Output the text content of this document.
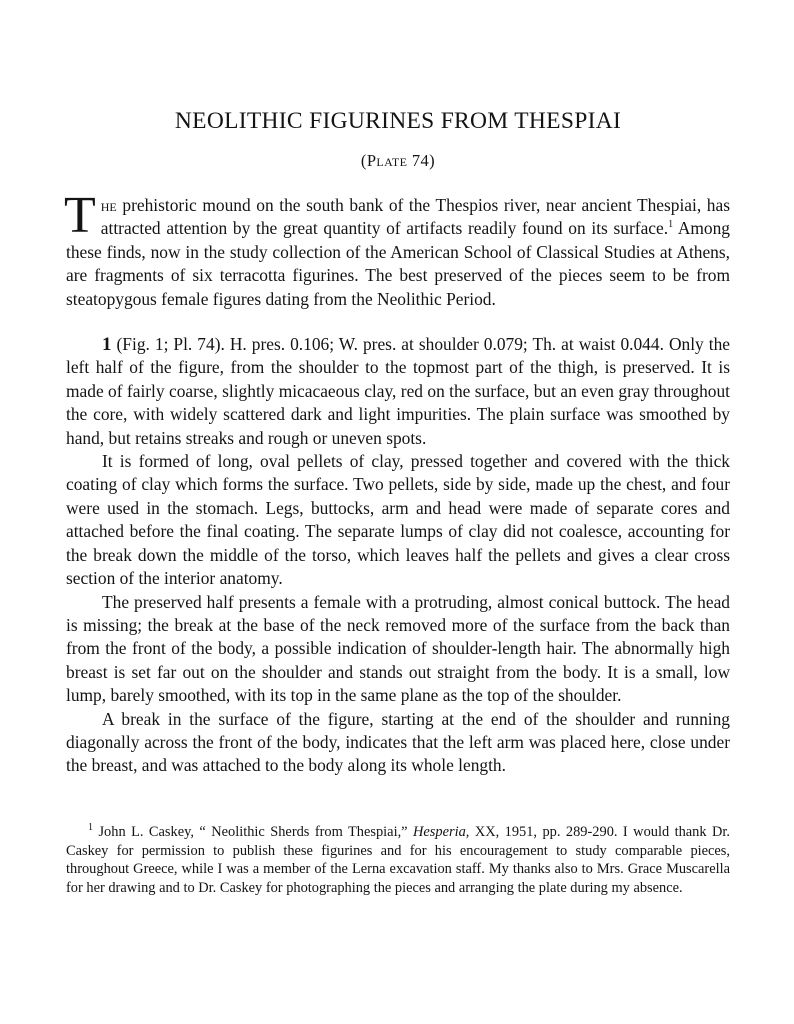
NEOLITHIC FIGURINES FROM THESPIAI
(Plate 74)

The prehistoric mound on the south bank of the Thespios river, near ancient Thespiai, has attracted attention by the great quantity of artifacts readily found on its surface.$^1$ Among these finds, now in the study collection of the American School of Classical Studies at Athens, are fragments of six terracotta figurines. The best preserved of the pieces seem to be from steatopygous female figures dating from the Neolithic Period.

1 (Fig. 1; Pl. 74). H. pres. 0.106; W. pres. at shoulder 0.079; Th. at waist 0.044. Only the left half of the figure, from the shoulder to the topmost part of the thigh, is preserved. It is made of fairly coarse, slightly micacaeous clay, red on the surface, but an even gray throughout the core, with widely scattered dark and light impurities. The plain surface was smoothed by hand, but retains streaks and rough or uneven spots.

It is formed of long, oval pellets of clay, pressed together and covered with the thick coating of clay which forms the surface. Two pellets, side by side, made up the chest, and four were used in the stomach. Legs, buttocks, arm and head were made of separate cores and attached before the final coating. The separate lumps of clay did not coalesce, accounting for the break down the middle of the torso, which leaves half the pellets and gives a clear cross section of the interior anatomy.

The preserved half presents a female with a protruding, almost conical buttock. The head is missing; the break at the base of the neck removed more of the surface from the back than from the front of the body, a possible indication of shoulder-length hair. The abnormally high breast is set far out on the shoulder and stands out straight from the body. It is a small, low lump, barely smoothed, with its top in the same plane as the top of the shoulder.

A break in the surface of the figure, starting at the end of the shoulder and running diagonally across the front of the body, indicates that the left arm was placed here, close under the breast, and was attached to the body along its whole length.

$^1$ John L. Caskey, “ Neolithic Sherds from Thespiai,” Hesperia, XX, 1951, pp. 289-290. I would thank Dr. Caskey for permission to publish these figurines and for his encouragement to study comparable pieces, throughout Greece, while I was a member of the Lerna excavation staff. My thanks also to Mrs. Grace Muscarella for her drawing and to Dr. Caskey for photographing the pieces and arranging the plate during my absence.
